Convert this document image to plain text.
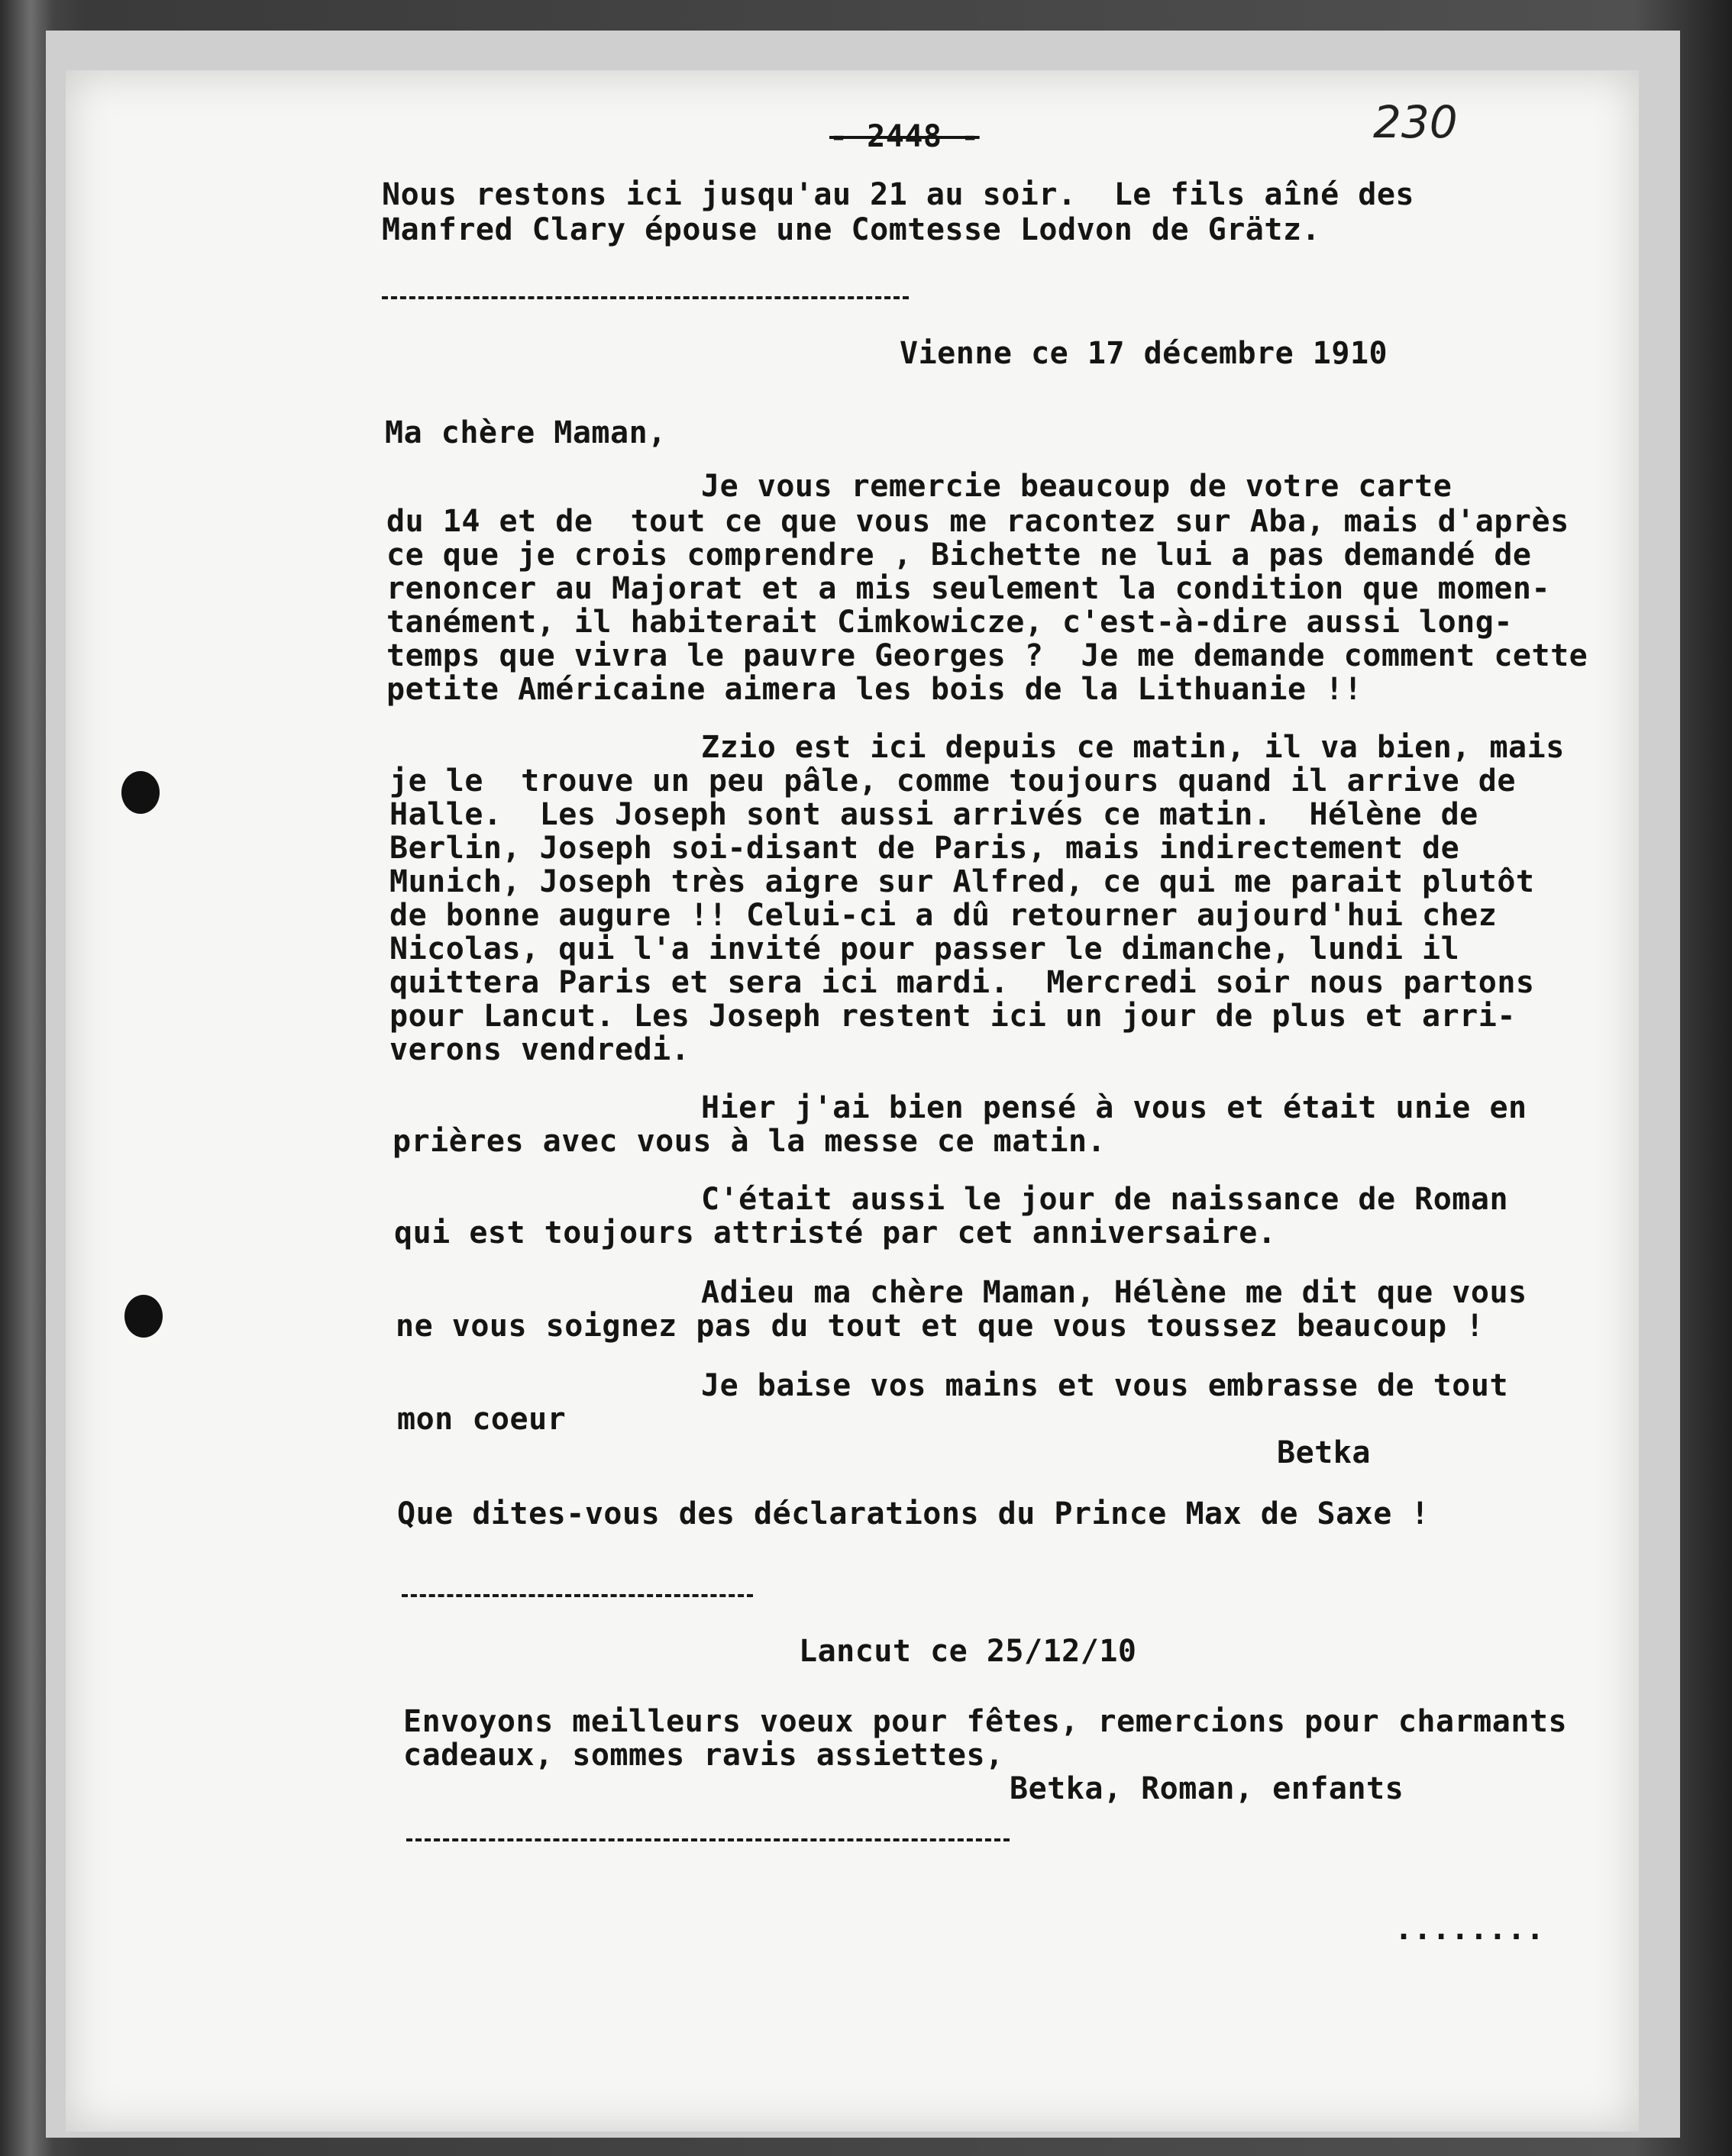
- 2448 -	230
Nous restons ici jusqu'au 21 au soir.  Le fils aîné des
Manfred Clary épouse une Comtesse Lodvon de Grätz.
Vienne ce 17 décembre 1910
Ma chère Maman,
Je vous remercie beaucoup de votre carte
du 14 et de  tout ce que vous me racontez sur Aba, mais d'après
ce que je crois comprendre , Bichette ne lui a pas demandé de
renoncer au Majorat et a mis seulement la condition que momen-
tanément, il habiterait Cimkowicze, c'est-à-dire aussi long-
temps que vivra le pauvre Georges ?  Je me demande comment cette
petite Américaine aimera les bois de la Lithuanie !!
Zzio est ici depuis ce matin, il va bien, mais
je le  trouve un peu pâle, comme toujours quand il arrive de
Halle.  Les Joseph sont aussi arrivés ce matin.  Hélène de
Berlin, Joseph soi-disant de Paris, mais indirectement de
Munich, Joseph très aigre sur Alfred, ce qui me parait plutôt
de bonne augure !! Celui-ci a dû retourner aujourd'hui chez
Nicolas, qui l'a invité pour passer le dimanche, lundi il
quittera Paris et sera ici mardi.  Mercredi soir nous partons
pour Lancut. Les Joseph restent ici un jour de plus et arri-
verons vendredi.
Hier j'ai bien pensé à vous et était unie en
prières avec vous à la messe ce matin.
C'était aussi le jour de naissance de Roman
qui est toujours attristé par cet anniversaire.
Adieu ma chère Maman, Hélène me dit que vous
ne vous soignez pas du tout et que vous toussez beaucoup !
Je baise vos mains et vous embrasse de tout
mon coeur
Betka
Que dites-vous des déclarations du Prince Max de Saxe !
Lancut ce 25/12/10
Envoyons meilleurs voeux pour fêtes, remercions pour charmants
cadeaux, sommes ravis assiettes,
Betka, Roman, enfants
........
